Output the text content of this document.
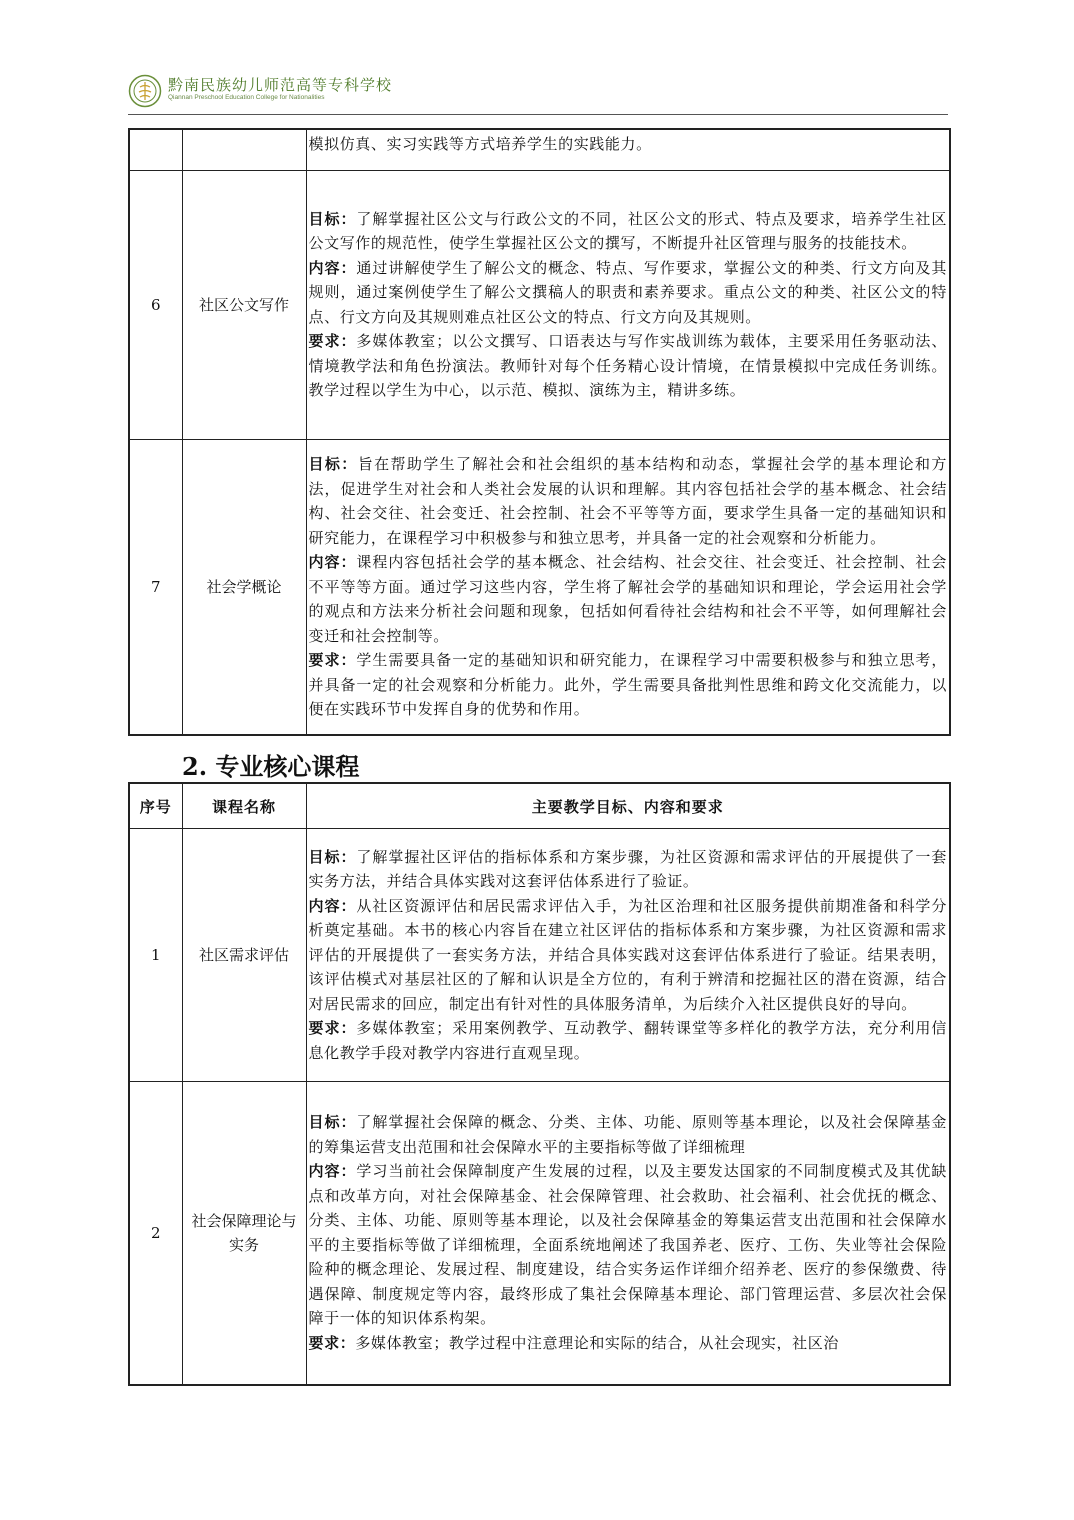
黔南民族幼儿师范高等专科学校
Qiannan Preschool Education College for Nationalities

		模拟仿真、实习实践等方式培养学生的实践能力。

6	社区公文写作	目标：了解掌握社区公文与行政公文的不同，社区公文的形式、特点及要求，培养学生社区公文写作的规范性，使学生掌握社区公文的撰写，不断提升社区管理与服务的技能技术。

内容：通过讲解使学生了解公文的概念、特点、写作要求，掌握公文的种类、行文方向及其规则，通过案例使学生了解公文撰稿人的职责和素养要求。重点公文的种类、社区公文的特点、行文方向及其规则难点社区公文的特点、行文方向及其规则。

要求：多媒体教室；以公文撰写、口语表达与写作实战训练为载体，主要采用任务驱动法、情境教学法和角色扮演法。教师针对每个任务精心设计情境，在情景模拟中完成任务训练。教学过程以学生为中心，以示范、模拟、演练为主，精讲多练。

7	社会学概论	目标：旨在帮助学生了解社会和社会组织的基本结构和动态，掌握社会学的基本理论和方法，促进学生对社会和人类社会发展的认识和理解。其内容包括社会学的基本概念、社会结构、社会交往、社会变迁、社会控制、社会不平等等方面，要求学生具备一定的基础知识和研究能力，在课程学习中积极参与和独立思考，并具备一定的社会观察和分析能力。

内容：课程内容包括社会学的基本概念、社会结构、社会交往、社会变迁、社会控制、社会不平等等方面。通过学习这些内容，学生将了解社会学的基础知识和理论，学会运用社会学的观点和方法来分析社会问题和现象，包括如何看待社会结构和社会不平等，如何理解社会变迁和社会控制等。

要求：学生需要具备一定的基础知识和研究能力，在课程学习中需要积极参与和独立思考，并具备一定的社会观察和分析能力。此外，学生需要具备批判性思维和跨文化交流能力，以便在实践环节中发挥自身的优势和作用。

2. 专业核心课程
序号	课程名称	主要教学目标、内容和要求
1	社区需求评估	目标：了解掌握社区评估的指标体系和方案步骤，为社区资源和需求评估的开展提供了一套实务方法，并结合具体实践对这套评估体系进行了验证。

内容：从社区资源评估和居民需求评估入手，为社区治理和社区服务提供前期准备和科学分析奠定基础。本书的核心内容旨在建立社区评估的指标体系和方案步骤，为社区资源和需求评估的开展提供了一套实务方法，并结合具体实践对这套评估体系进行了验证。结果表明，该评估模式对基层社区的了解和认识是全方位的，有利于辨清和挖掘社区的潜在资源，结合对居民需求的回应，制定出有针对性的具体服务清单，为后续介入社区提供良好的导向。

要求：多媒体教室；采用案例教学、互动教学、翻转课堂等多样化的教学方法，充分利用信息化教学手段对教学内容进行直观呈现。

2	社会保障理论与实务	目标：了解掌握社会保障的概念、分类、主体、功能、原则等基本理论，以及社会保障基金的筹集运营支出范围和社会保障水平的主要指标等做了详细梳理

内容：学习当前社会保障制度产生发展的过程，以及主要发达国家的不同制度模式及其优缺点和改革方向，对社会保障基金、社会保障管理、社会救助、社会福利、社会优抚的概念、分类、主体、功能、原则等基本理论，以及社会保障基金的筹集运营支出范围和社会保障水平的主要指标等做了详细梳理，全面系统地阐述了我国养老、医疗、工伤、失业等社会保险险种的概念理论、发展过程、制度建设，结合实务运作详细介绍养老、医疗的参保缴费、待遇保障、制度规定等内容，最终形成了集社会保障基本理论、部门管理运营、多层次社会保障于一体的知识体系构架。

要求：多媒体教室；教学过程中注意理论和实际的结合，从社会现实，社区治
